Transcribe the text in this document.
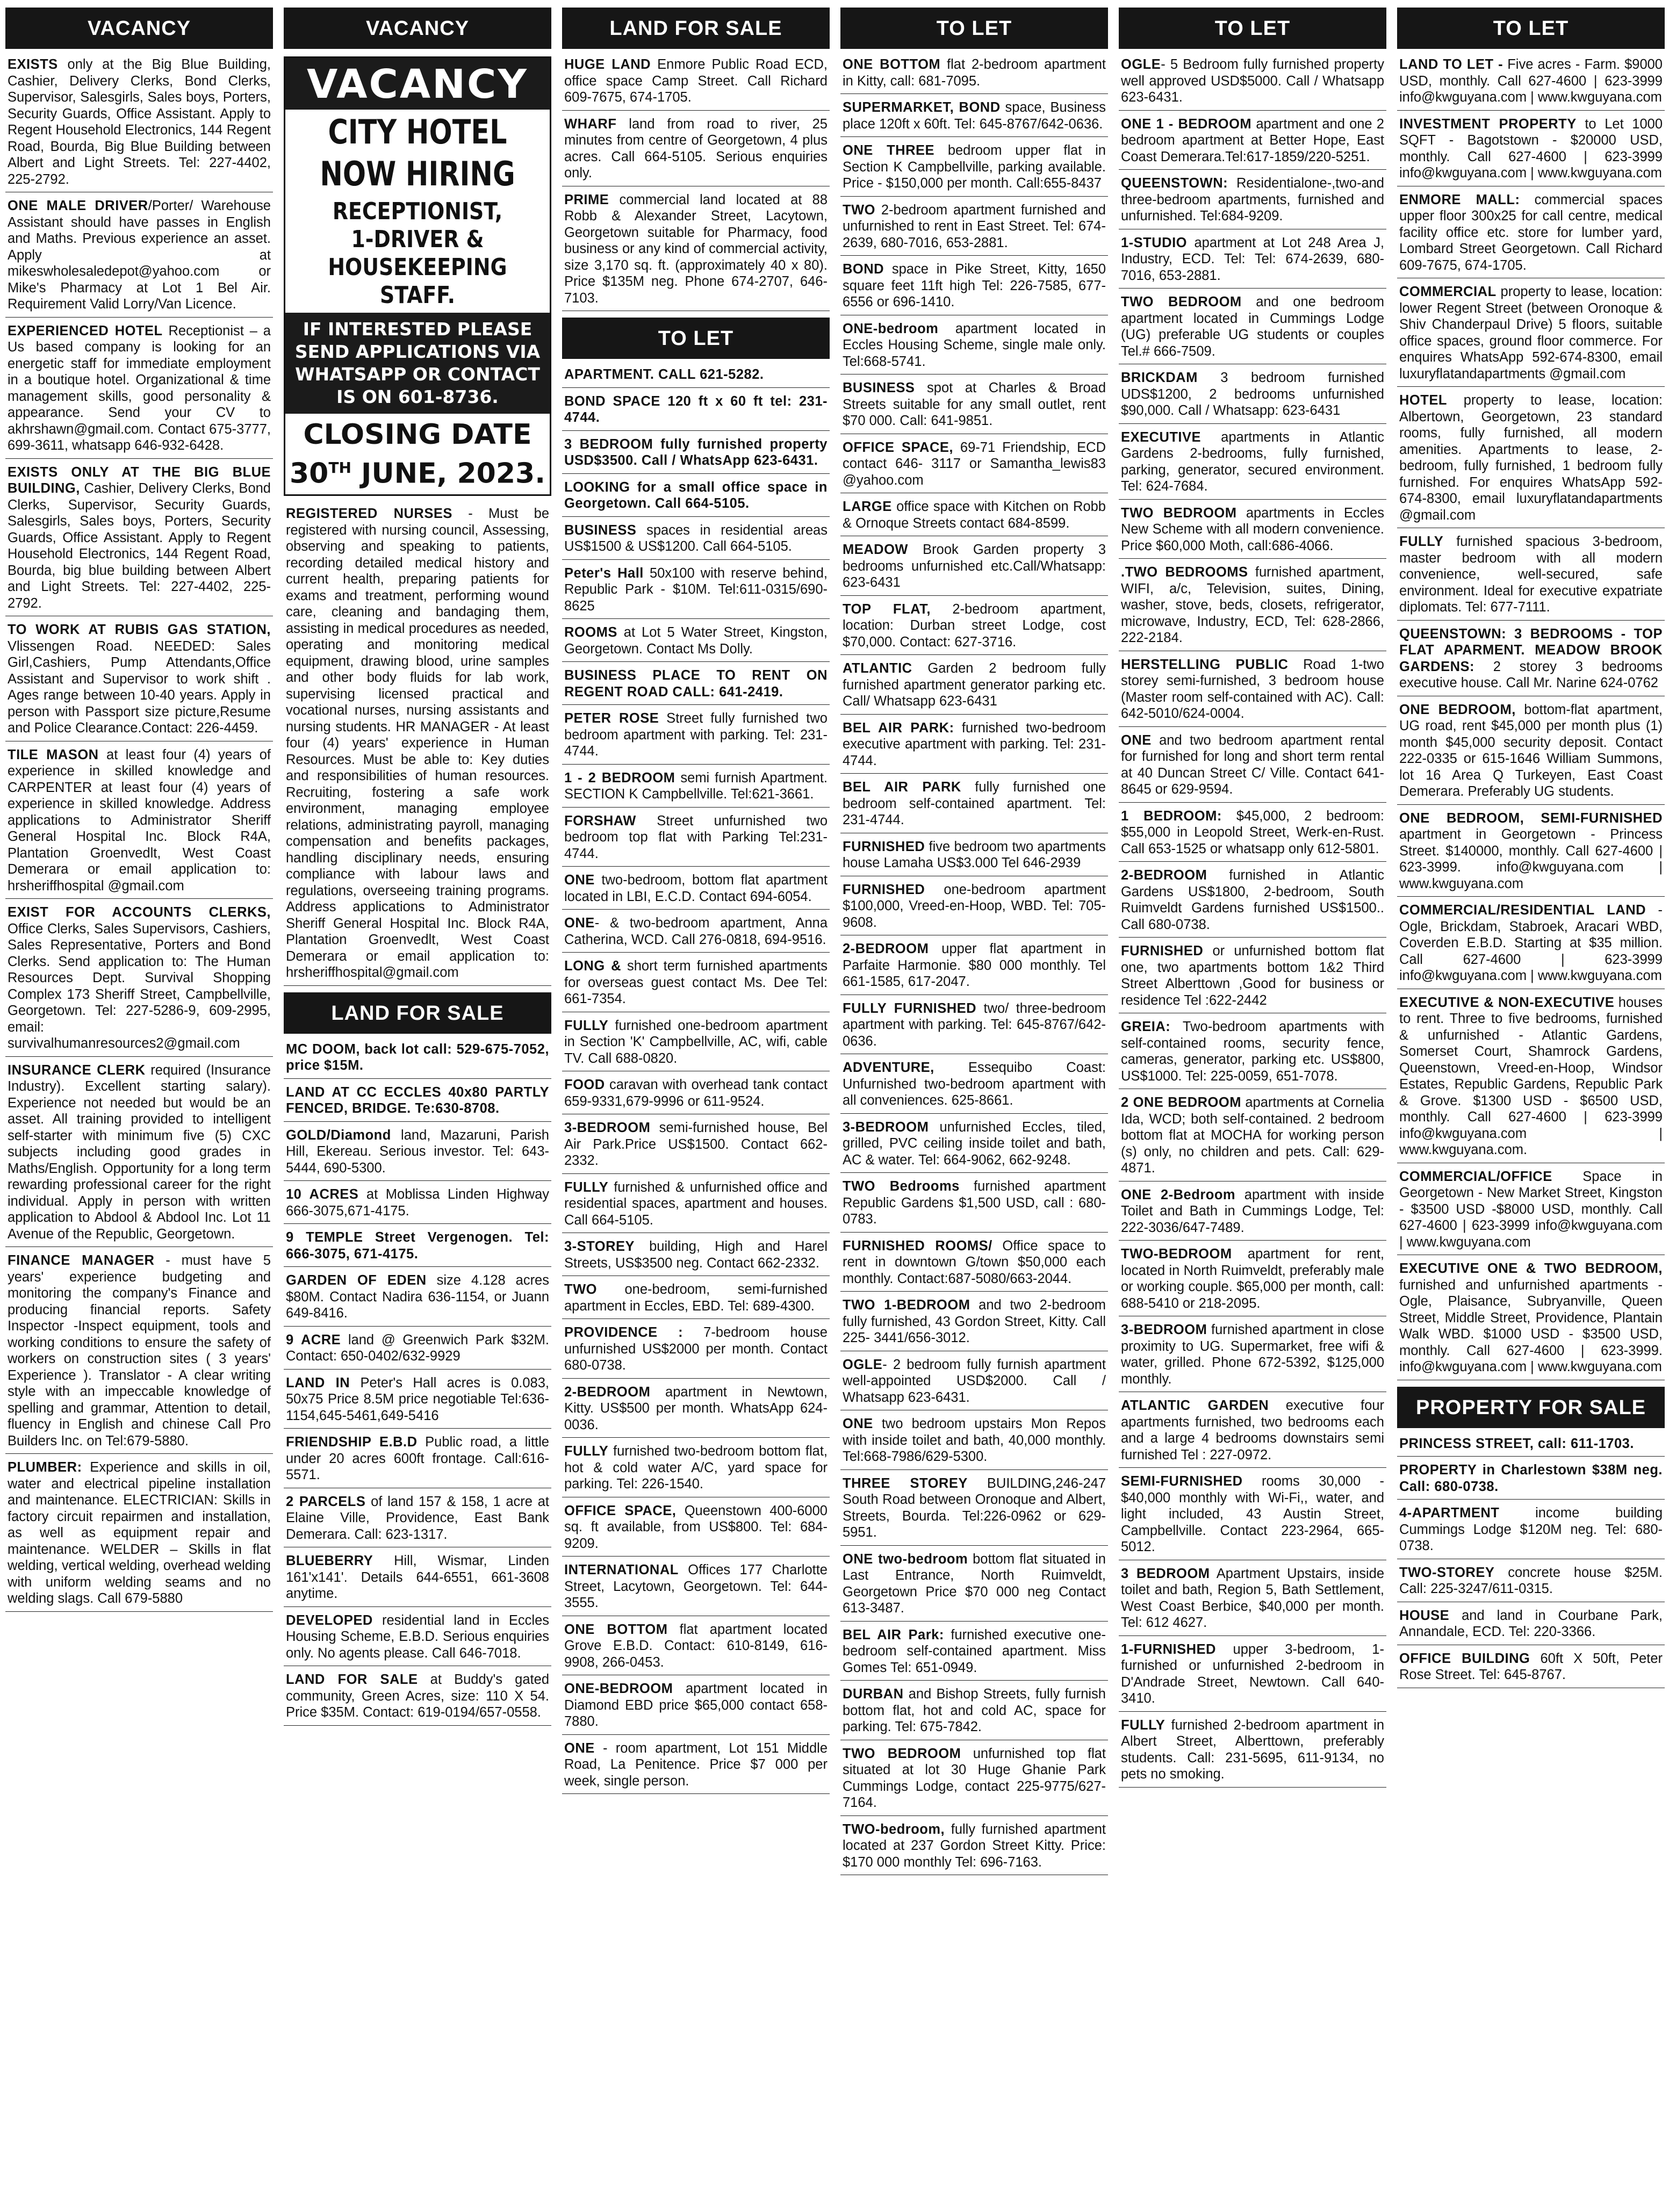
VACANCY
EXISTS only at the Big Blue Building, Cashier, Delivery Clerks, Bond Clerks, Supervisor, Salesgirls, Sales boys, Porters, Security Guards, Office Assistant. Apply to Regent Household Electronics, 144 Regent Road, Bourda, Big Blue Building between Albert and Light Streets. Tel: 227-4402, 225-2792.
ONE MALE DRIVER/Porter/ Warehouse Assistant should have passes in English and Maths. Previous experience an asset. Apply at mikeswholesaledepot@yahoo.com or Mike's Pharmacy at Lot 1 Bel Air. Requirement Valid Lorry/Van Licence.
EXPERIENCED HOTEL Receptionist – a Us based company is looking for an energetic staff for immediate employment in a boutique hotel. Organizational & time management skills, good personality & appearance. Send your CV to akhrshawn@gmail.com. Contact 675-3777, 699-3611, whatsapp 646-932-6428.
EXISTS ONLY AT THE BIG BLUE BUILDING, Cashier, Delivery Clerks, Bond Clerks, Supervisor, Security Guards, Salesgirls, Sales boys, Porters, Security Guards, Office Assistant. Apply to Regent Household Electronics, 144 Regent Road, Bourda, big blue building between Albert and Light Streets. Tel: 227-4402, 225-2792.
TO WORK AT RUBIS GAS STATION, Vlissengen Road. NEEDED: Sales Girl,Cashiers, Pump Attendants,Office Assistant and Supervisor to work shift . Ages range between 10-40 years. Apply in person with Passport size picture,Resume and Police Clearance.Contact: 226-4459.
TILE MASON at least four (4) years of experience in skilled knowledge and CARPENTER at least four (4) years of experience in skilled knowledge. Address applications to Administrator Sheriff General Hospital Inc. Block R4A, Plantation Groenvedlt, West Coast Demerara or email application to: hrsheriffhospital @gmail.com
EXIST FOR ACCOUNTS CLERKS, Office Clerks, Sales Supervisors, Cashiers, Sales Representative, Porters and Bond Clerks. Send application to: The Human Resources Dept. Survival Shopping Complex 173 Sheriff Street, Campbellville, Georgetown. Tel: 227-5286-9, 609-2995, email: survivalhumanresources2@gmail.com
INSURANCE CLERK required (Insurance Industry). Excellent starting salary). Experience not needed but would be an asset. All training provided to intelligent self-starter with minimum five (5) CXC subjects including good grades in Maths/English. Opportunity for a long term rewarding professional career for the right individual. Apply in person with written application to Abdool & Abdool Inc. Lot 11 Avenue of the Republic, Georgetown.
FINANCE MANAGER - must have 5 years' experience budgeting and monitoring the company's Finance and producing financial reports. Safety Inspector -Inspect equipment, tools and working conditions to ensure the safety of workers on construction sites ( 3 years' Experience ). Translator - A clear writing style with an impeccable knowledge of spelling and grammar, Attention to detail, fluency in English and chinese Call Pro Builders Inc. on Tel:679-5880.
PLUMBER: Experience and skills in oil, water and electrical pipeline installation and maintenance. ELECTRICIAN: Skills in factory circuit repairmen and installation, as well as equipment repair and maintenance. WELDER – Skills in flat welding, vertical welding, overhead welding with uniform welding seams and no welding slags. Call 679-5880
VACANCY
VACANCY
CITY HOTEL
NOW HIRING
RECEPTIONIST,
1-DRIVER &
HOUSEKEEPING
STAFF.
IF INTERESTED PLEASE
SEND APPLICATIONS VIA
WHATSAPP OR CONTACT
IS ON 601-8736.
CLOSING DATE
30TH JUNE, 2023.
REGISTERED NURSES - Must be registered with nursing council, Assessing, observing and speaking to patients, recording detailed medical history and current health, preparing patients for exams and treatment, performing wound care, cleaning and bandaging them, assisting in medical procedures as needed, operating and monitoring medical equipment, drawing blood, urine samples and other body fluids for lab work, supervising licensed practical and vocational nurses, nursing assistants and nursing students. HR MANAGER - At least four (4) years' experience in Human Resources. Must be able to: Key duties and responsibilities of human resources. Recruiting, fostering a safe work environment, managing employee relations, administrating payroll, managing compensation and benefits packages, handling disciplinary needs, ensuring compliance with labour laws and regulations, overseeing training programs. Address applications to Administrator Sheriff General Hospital Inc. Block R4A, Plantation Groenvedlt, West Coast Demerara or email application to: hrsheriffhospital@gmail.com
LAND FOR SALE
MC DOOM, back lot call: 529-675-7052, price $15M.
LAND AT CC ECCLES 40x80 PARTLY FENCED, BRIDGE. Te:630-8708.
GOLD/Diamond land, Mazaruni, Parish Hill, Ekereau. Serious investor. Tel: 643-5444, 690-5300.
10 ACRES at Moblissa Linden Highway 666-3075,671-4175.
9 TEMPLE Street Vergenogen. Tel: 666-3075, 671-4175.
GARDEN OF EDEN size 4.128 acres $80M. Contact Nadira 636-1154, or Juann 649-8416.
9 ACRE land @ Greenwich Park $32M. Contact: 650-0402/632-9929
LAND IN Peter's Hall acres is 0.083, 50x75 Price 8.5M price negotiable Tel:636-1154,645-5461,649-5416
FRIENDSHIP E.B.D Public road, a little under 20 acres 600ft frontage. Call:616-5571.
2 PARCELS of land 157 & 158, 1 acre at Elaine Ville, Providence, East Bank Demerara. Call: 623-1317.
BLUEBERRY Hill, Wismar, Linden 161'x141'. Details 644-6551, 661-3608 anytime.
DEVELOPED residential land in Eccles Housing Scheme, E.B.D. Serious enquiries only. No agents please. Call 646-7018.
LAND FOR SALE at Buddy's gated community, Green Acres, size: 110 X 54. Price $35M. Contact: 619-0194/657-0558.
LAND FOR SALE
HUGE LAND Enmore Public Road ECD, office space Camp Street. Call Richard 609-7675, 674-1705.
WHARF land from road to river, 25 minutes from centre of Georgetown, 4 plus acres. Call 664-5105. Serious enquiries only.
PRIME commercial land located at 88 Robb & Alexander Street, Lacytown, Georgetown suitable for Pharmacy, food business or any kind of commercial activity, size 3,170 sq. ft. (approximately 40 x 80). Price $135M neg. Phone 674-2707, 646-7103.
TO LET
APARTMENT. CALL 621-5282.
BOND SPACE 120 ft x 60 ft tel: 231-4744.
3 BEDROOM fully furnished property USD$3500. Call / WhatsApp 623-6431.
LOOKING for a small office space in Georgetown. Call 664-5105.
BUSINESS spaces in residential areas US$1500 & US$1200. Call 664-5105.
Peter's Hall 50x100 with reserve behind, Republic Park - $10M. Tel:611-0315/690-8625
ROOMS at Lot 5 Water Street, Kingston, Georgetown. Contact Ms Dolly.
BUSINESS PLACE TO RENT ON REGENT ROAD CALL: 641-2419.
PETER ROSE Street fully furnished two bedroom apartment with parking. Tel: 231-4744.
1 - 2 BEDROOM semi furnish Apartment. SECTION K Campbellville. Tel:621-3661.
FORSHAW Street unfurnished two bedroom top flat with Parking Tel:231-4744.
ONE two-bedroom, bottom flat apartment located in LBI, E.C.D. Contact 694-6054.
ONE- & two-bedroom apartment, Anna Catherina, WCD. Call 276-0818, 694-9516.
LONG & short term furnished apartments for overseas guest contact Ms. Dee Tel: 661-7354.
FULLY furnished one-bedroom apartment in Section 'K' Campbellville, AC, wifi, cable TV. Call 688-0820.
FOOD caravan with overhead tank contact 659-9331,679-9996 or 611-9524.
3-BEDROOM semi-furnished house, Bel Air Park.Price US$1500. Contact 662-2332.
FULLY furnished & unfurnished office and residential spaces, apartment and houses. Call 664-5105.
3-STOREY building, High and Harel Streets, US$3500 neg. Contact 662-2332.
TWO one-bedroom, semi-furnished apartment in Eccles, EBD. Tel: 689-4300.
PROVIDENCE : 7-bedroom house unfurnished US$2000 per month. Contact 680-0738.
2-BEDROOM apartment in Newtown, Kitty. US$500 per month. WhatsApp 624-0036.
FULLY furnished two-bedroom bottom flat, hot & cold water A/C, yard space for parking. Tel: 226-1540.
OFFICE SPACE, Queenstown 400-6000 sq. ft available, from US$800. Tel: 684-9209.
INTERNATIONAL Offices 177 Charlotte Street, Lacytown, Georgetown. Tel: 644-3555.
ONE BOTTOM flat apartment located Grove E.B.D. Contact: 610-8149, 616-9908, 266-0453.
ONE-BEDROOM apartment located in Diamond EBD price $65,000 contact 658-7880.
ONE - room apartment, Lot 151 Middle Road, La Penitence. Price $7 000 per week, single person.
TO LET
ONE BOTTOM flat 2-bedroom apartment in Kitty, call: 681-7095.
SUPERMARKET, BOND space, Business place 120ft x 60ft. Tel: 645-8767/642-0636.
ONE THREE bedroom upper flat in Section K Campbellville, parking available. Price - $150,000 per month. Call:655-8437
TWO 2-bedroom apartment furnished and unfurnished to rent in East Street. Tel: 674-2639, 680-7016, 653-2881.
BOND space in Pike Street, Kitty, 1650 square feet 11ft high Tel: 226-7585, 677-6556 or 696-1410.
ONE-bedroom apartment located in Eccles Housing Scheme, single male only. Tel:668-5741.
BUSINESS spot at Charles & Broad Streets suitable for any small outlet, rent $70 000. Call: 641-9851.
OFFICE SPACE, 69-71 Friendship, ECD contact 646- 3117 or Samantha_lewis83 @yahoo.com
LARGE office space with Kitchen on Robb & Ornoque Streets contact 684-8599.
MEADOW Brook Garden property 3 bedrooms unfurnished etc.Call/Whatsapp: 623-6431
TOP FLAT, 2-bedroom apartment, location: Durban street Lodge, cost $70,000. Contact: 627-3716.
ATLANTIC Garden 2 bedroom fully furnished apartment generator parking etc. Call/ Whatsapp 623-6431
BEL AIR PARK: furnished two-bedroom executive apartment with parking. Tel: 231-4744.
BEL AIR PARK fully furnished one bedroom self-contained apartment. Tel: 231-4744.
FURNISHED five bedroom two apartments house Lamaha US$3.000 Tel 646-2939
FURNISHED one-bedroom apartment $100,000, Vreed-en-Hoop, WBD. Tel: 705-9608.
2-BEDROOM upper flat apartment in Parfaite Harmonie. $80 000 monthly. Tel 661-1585, 617-2047.
FULLY FURNISHED two/ three-bedroom apartment with parking. Tel: 645-8767/642-0636.
ADVENTURE, Essequibo Coast: Unfurnished two-bedroom apartment with all conveniences. 625-8661.
3-BEDROOM unfurnished Eccles, tiled, grilled, PVC ceiling inside toilet and bath, AC & water. Tel: 664-9062, 662-9248.
TWO Bedrooms furnished apartment Republic Gardens $1,500 USD, call : 680-0783.
FURNISHED ROOMS/ Office space to rent in downtown G/town $50,000 each monthly. Contact:687-5080/663-2044.
TWO 1-BEDROOM and two 2-bedroom fully furnished, 43 Gordon Street, Kitty. Call 225- 3441/656-3012.
OGLE- 2 bedroom fully furnish apartment well-appointed USD$2000. Call / Whatsapp 623-6431.
ONE two bedroom upstairs Mon Repos with inside toilet and bath, 40,000 monthly. Tel:668-7986/629-5300.
THREE STOREY BUILDING,246-247 South Road between Oronoque and Albert, Streets, Bourda. Tel:226-0962 or 629-5951.
ONE two-bedroom bottom flat situated in Last Entrance, North Ruimveldt, Georgetown Price $70 000 neg Contact 613-3487.
BEL AIR Park: furnished executive one-bedroom self-contained apartment. Miss Gomes Tel: 651-0949.
DURBAN and Bishop Streets, fully furnish bottom flat, hot and cold AC, space for parking. Tel: 675-7842.
TWO BEDROOM unfurnished top flat situated at lot 30 Huge Ghanie Park Cummings Lodge, contact 225-9775/627-7164.
TWO-bedroom, fully furnished apartment located at 237 Gordon Street Kitty. Price: $170 000 monthly Tel: 696-7163.
TO LET
OGLE- 5 Bedroom fully furnished property well approved USD$5000. Call / Whatsapp 623-6431.
ONE 1 - BEDROOM apartment and one 2 bedroom apartment at Better Hope, East Coast Demerara.Tel:617-1859/220-5251.
QUEENSTOWN: Residentialone-,two-and three-bedroom apartments, furnished and unfurnished. Tel:684-9209.
1-STUDIO apartment at Lot 248 Area J, Industry, ECD. Tel: Tel: 674-2639, 680-7016, 653-2881.
TWO BEDROOM and one bedroom apartment located in Cummings Lodge (UG) preferable UG students or couples Tel.# 666-7509.
BRICKDAM 3 bedroom furnished UDS$1200, 2 bedrooms unfurnished $90,000. Call / Whatsapp: 623-6431
EXECUTIVE apartments in Atlantic Gardens 2-bedrooms, fully furnished, parking, generator, secured environment. Tel: 624-7684.
TWO BEDROOM apartments in Eccles New Scheme with all modern convenience. Price $60,000 Moth, call:686-4066.
.TWO BEDROOMS furnished apartment, WIFI, a/c, Television, suites, Dining, washer, stove, beds, closets, refrigerator, microwave, Industry, ECD, Tel: 628-2866, 222-2184.
HERSTELLING PUBLIC Road 1-two storey semi-furnished, 3 bedroom house (Master room self-contained with AC). Call: 642-5010/624-0004.
ONE and two bedroom apartment rental for furnished for long and short term rental at 40 Duncan Street C/ Ville. Contact 641-8645 or 629-9594.
1 BEDROOM: $45,000, 2 bedroom: $55,000 in Leopold Street, Werk-en-Rust. Call 653-1525 or whatsapp only 612-5801.
2-BEDROOM furnished in Atlantic Gardens US$1800, 2-bedroom, South Ruimveldt Gardens furnished US$1500.. Call 680-0738.
FURNISHED or unfurnished bottom flat one, two apartments bottom 1&2 Third Street Alberttown ,Good for business or residence Tel :622-2442
GREIA: Two-bedroom apartments with self-contained rooms, security fence, cameras, generator, parking etc. US$800, US$1000. Tel: 225-0059, 651-7078.
2 ONE BEDROOM apartments at Cornelia Ida, WCD; both self-contained. 2 bedroom bottom flat at MOCHA for working person (s) only, no children and pets. Call: 629-4871.
ONE 2-Bedroom apartment with inside Toilet and Bath in Cummings Lodge, Tel: 222-3036/647-7489.
TWO-BEDROOM apartment for rent, located in North Ruimveldt, preferably male or working couple. $65,000 per month, call: 688-5410 or 218-2095.
3-BEDROOM furnished apartment in close proximity to UG. Supermarket, free wifi & water, grilled. Phone 672-5392, $125,000 monthly.
ATLANTIC GARDEN executive four apartments furnished, two bedrooms each and a large 4 bedrooms downstairs semi furnished Tel : 227-0972.
SEMI-FURNISHED rooms 30,000 - $40,000 monthly with Wi-Fi,, water, and light included, 43 Austin Street, Campbellville. Contact 223-2964, 665-5012.
3 BEDROOM Apartment Upstairs, inside toilet and bath, Region 5, Bath Settlement, West Coast Berbice, $40,000 per month. Tel: 612 4627.
1-FURNISHED upper 3-bedroom, 1-furnished or unfurnished 2-bedroom in D'Andrade Street, Newtown. Call 640-3410.
FULLY furnished 2-bedroom apartment in Albert Street, Alberttown, preferably students. Call: 231-5695, 611-9134, no pets no smoking.
TO LET
LAND TO LET - Five acres - Farm. $9000 USD, monthly. Call 627-4600 | 623-3999 info@kwguyana.com | www.kwguyana.com
INVESTMENT PROPERTY to Let 1000 SQFT - Bagotstown - $20000 USD, monthly. Call 627-4600 | 623-3999 info@kwguyana.com | www.kwguyana.com
ENMORE MALL: commercial spaces upper floor 300x25 for call centre, medical facility office etc. store for lumber yard, Lombard Street Georgetown. Call Richard 609-7675, 674-1705.
COMMERCIAL property to lease, location: lower Regent Street (between Oronoque & Shiv Chanderpaul Drive) 5 floors, suitable office spaces, ground floor commerce. For enquires WhatsApp 592-674-8300, email luxuryflatandapartments @gmail.com
HOTEL property to lease, location: Albertown, Georgetown, 23 standard rooms, fully furnished, all modern amenities. Apartments to lease, 2-bedroom, fully furnished, 1 bedroom fully furnished. For enquires WhatsApp 592-674-8300, email luxuryflatandapartments @gmail.com
FULLY furnished spacious 3-bedroom, master bedroom with all modern convenience, well-secured, safe environment. Ideal for executive expatriate diplomats. Tel: 677-7111.
QUEENSTOWN: 3 BEDROOMS - TOP FLAT APARMENT. MEADOW BROOK GARDENS: 2 storey 3 bedrooms executive house. Call Mr. Narine 624-0762
ONE BEDROOM, bottom-flat apartment, UG road, rent $45,000 per month plus (1) month $45,000 security deposit. Contact 222-0335 or 615-1646 William Summons, lot 16 Area Q Turkeyen, East Coast Demerara. Preferably UG students.
ONE BEDROOM, SEMI-FURNISHED apartment in Georgetown - Princess Street. $140000, monthly. Call 627-4600 | 623-3999. info@kwguyana.com | www.kwguyana.com
COMMERCIAL/RESIDENTIAL LAND - Ogle, Brickdam, Stabroek, Aracari WBD, Coverden E.B.D. Starting at $35 million. Call 627-4600 | 623-3999 info@kwguyana.com | www.kwguyana.com
EXECUTIVE & NON-EXECUTIVE houses to rent. Three to five bedrooms, furnished & unfurnished - Atlantic Gardens, Somerset Court, Shamrock Gardens, Queenstown, Vreed-en-Hoop, Windsor Estates, Republic Gardens, Republic Park & Grove. $1300 USD - $6500 USD, monthly. Call 627-4600 | 623-3999 info@kwguyana.com | www.kwguyana.com.
COMMERCIAL/OFFICE Space in Georgetown - New Market Street, Kingston - $3500 USD -$8000 USD, monthly. Call 627-4600 | 623-3999 info@kwguyana.com | www.kwguyana.com
EXECUTIVE ONE & TWO BEDROOM, furnished and unfurnished apartments - Ogle, Plaisance, Subryanville, Queen Street, Middle Street, Providence, Plantain Walk WBD. $1000 USD - $3500 USD, monthly. Call 627-4600 | 623-3999. info@kwguyana.com | www.kwguyana.com
PROPERTY FOR SALE
PRINCESS STREET, call: 611-1703.
PROPERTY in Charlestown $38M neg. Call: 680-0738.
4-APARTMENT income building Cummings Lodge $120M neg. Tel: 680-0738.
TWO-STOREY concrete house $25M. Call: 225-3247/611-0315.
HOUSE and land in Courbane Park, Annandale, ECD. Tel: 220-3366.
OFFICE BUILDING 60ft X 50ft, Peter Rose Street. Tel: 645-8767.
